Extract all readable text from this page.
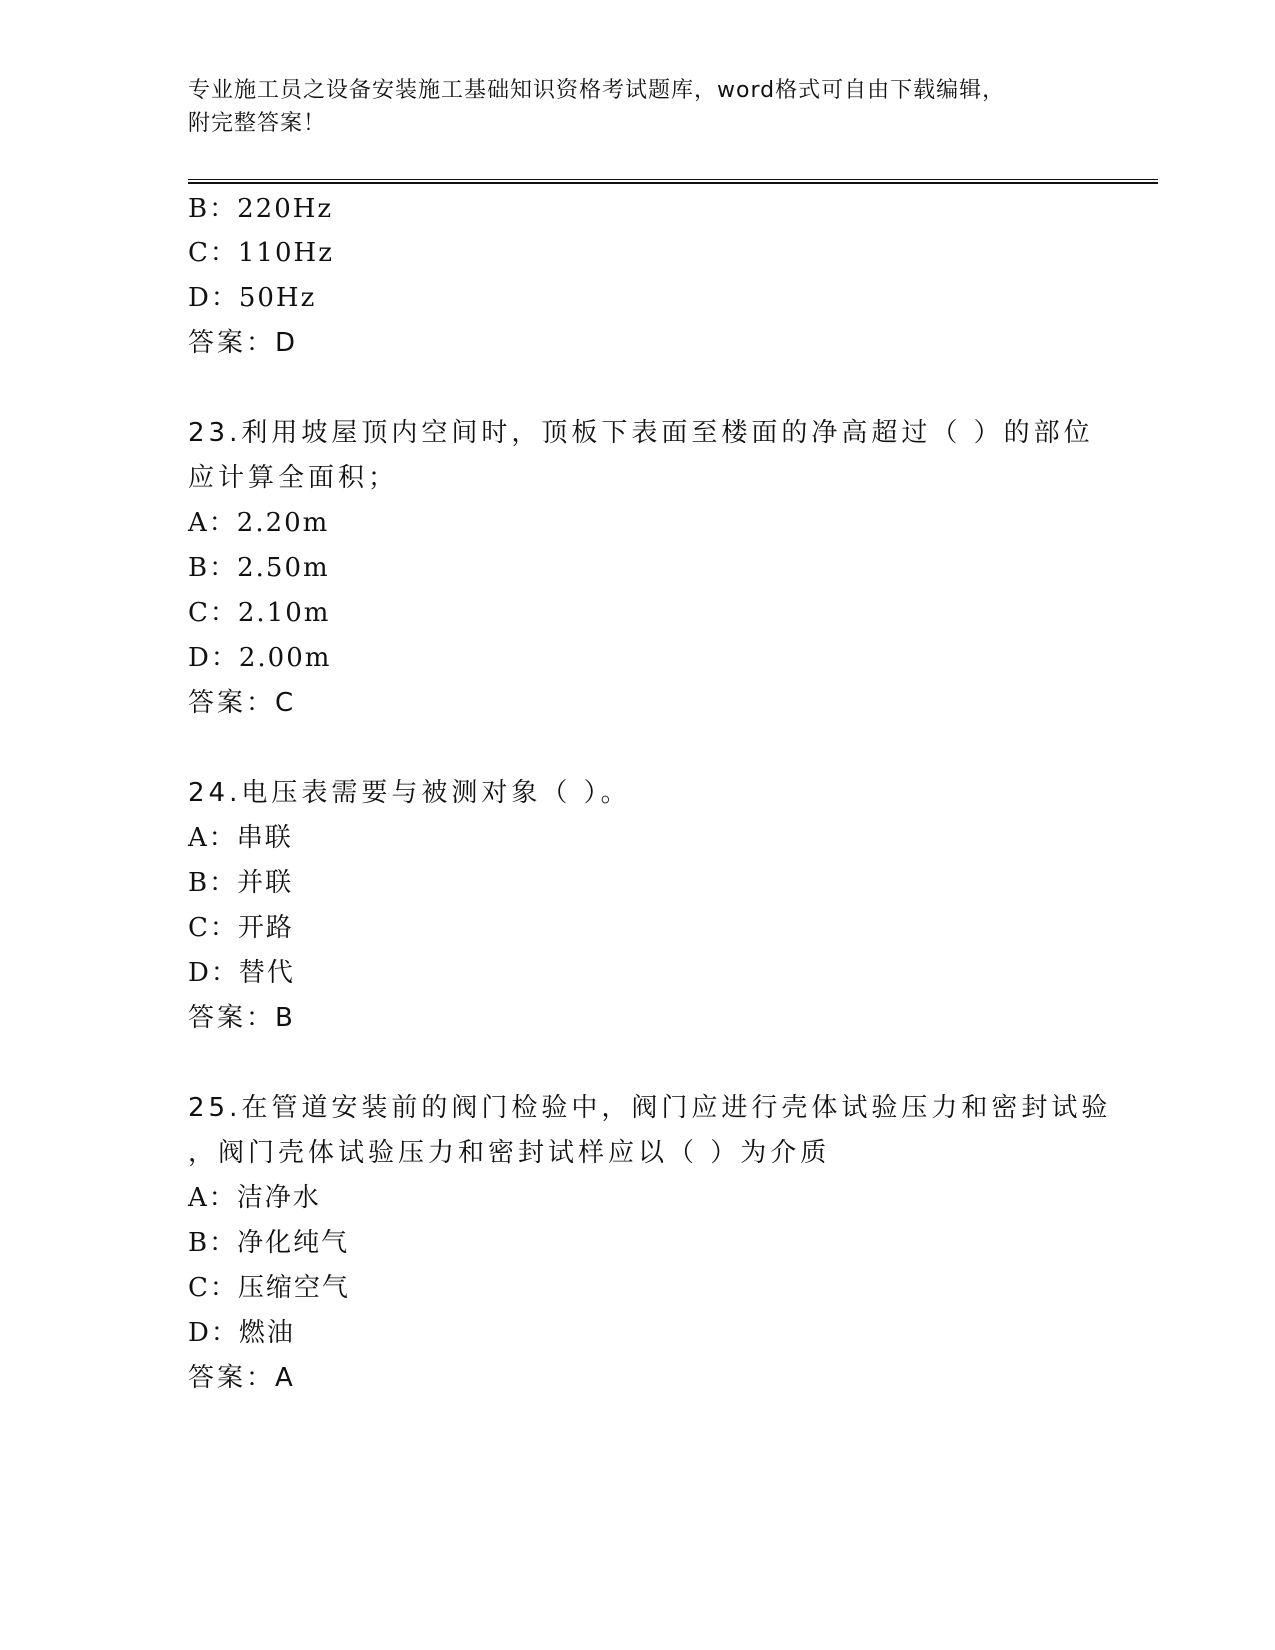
专业施工员之设备安装施工基础知识资格考试题库，word格式可自由下载编辑，
附完整答案！
B：220Hz
C：110Hz
D：50Hz
答案：D
23.利用坡屋顶内空间时，顶板下表面至楼面的净高超过（ ）的部位
应计算全面积；
A：2.20m
B：2.50m
C：2.10m
D：2.00m
答案：C
24.电压表需要与被测对象（ ）。
A：串联
B：并联
C：开路
D：替代
答案：B
25.在管道安装前的阀门检验中，阀门应进行壳体试验压力和密封试验
，阀门壳体试验压力和密封试样应以（ ）为介质
A：洁净水
B：净化纯气
C：压缩空气
D：燃油
答案：A
